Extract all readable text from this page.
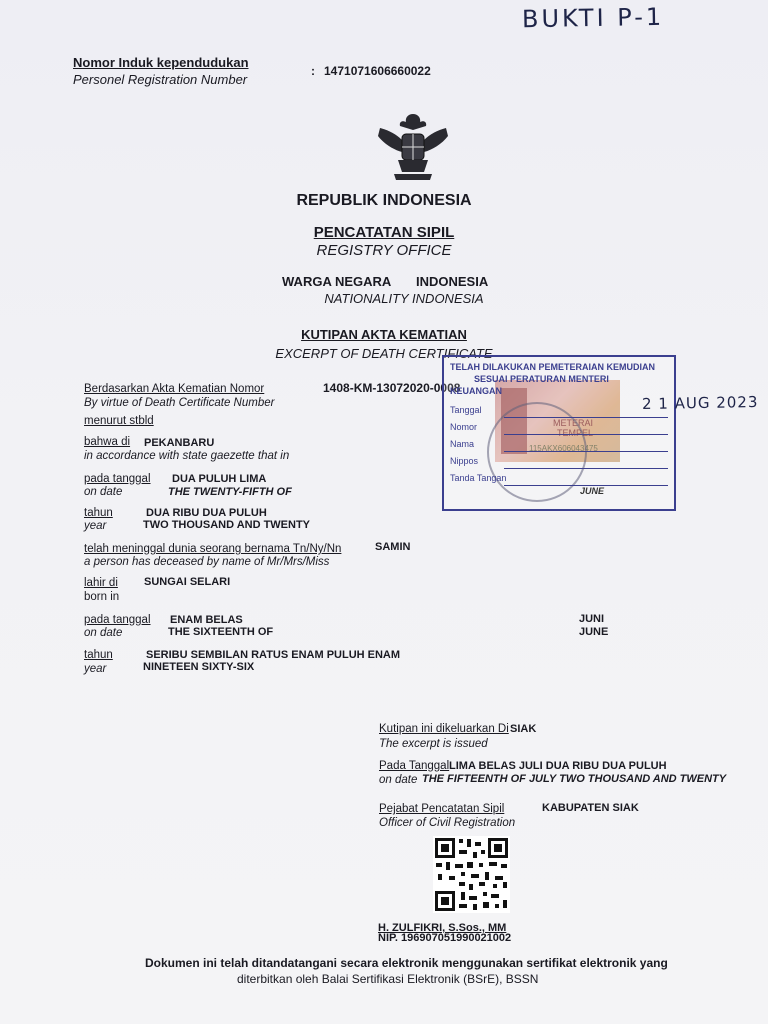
BUKTI P-1
Nomor Induk kependudukan
Personel Registration Number
: 1471071606660022
REPUBLIK INDONESIA
PENCATATAN SIPIL
REGISTRY OFFICE
WARGA NEGARA INDONESIA
NATIONALITY INDONESIA
KUTIPAN AKTA KEMATIAN
EXCERPT OF DEATH CERTIFICATE
Berdasarkan Akta Kematian Nomor
By virtue of Death Certificate Number
1408-KM-13072020-0008
menurut stbld
bahwa di PEKANBARU
in accordance with state gaezette that in
pada tanggal DUA PULUH LIMA
on date	THE TWENTY-FIFTH OF
tahun	DUA RIBU DUA PULUH
year	TWO THOUSAND AND TWENTY
telah meninggal dunia seorang bernama Tn/Ny/Nn	SAMIN
a person has deceased by name of Mr/Mrs/Miss
lahir di SUNGAI SELARI
born in
pada tanggal ENAM BELAS	JUNI
on date	THE SIXTEENTH OF	JUNE
tahun	SERIBU SEMBILAN RATUS ENAM PULUH ENAM
year	NINETEEN SIXTY-SIX
METERAI
TEMPEL
115AKX606043475
TELAH DILAKUKAN PEMETERAIAN KEMUDIAN
SESUAI PERATURAN MENTERI
KEUANGAN
Tanggal
Nomor
Nama
Nippos
Tanda Tangan
JUNE
2 1 AUG 2023
Kutipan ini dikeluarkan Di SIAK
The excerpt is issued
Pada Tanggal LIMA BELAS JULI DUA RIBU DUA PULUH
on date THE FIFTEENTH OF JULY TWO THOUSAND AND TWENTY
Pejabat Pencatatan Sipil	KABUPATEN SIAK
Officer of Civil Registration
H. ZULFIKRI, S.Sos., MM
NIP. 196907051990021002
Dokumen ini telah ditandatangani secara elektronik menggunakan sertifikat elektronik yang
diterbitkan oleh Balai Sertifikasi Elektronik (BSrE), BSSN
